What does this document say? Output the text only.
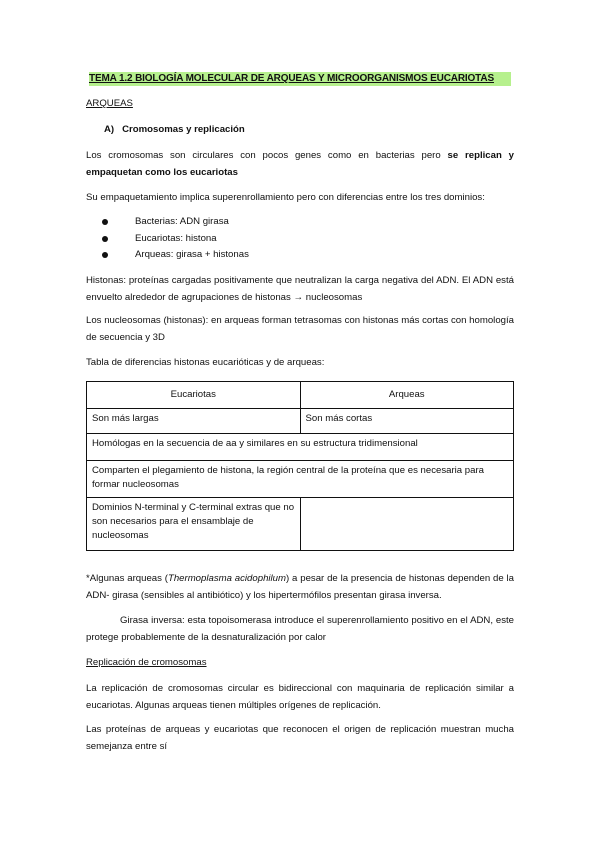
TEMA 1.2 BIOLOGÍA MOLECULAR DE ARQUEAS Y MICROORGANISMOS EUCARIOTAS
ARQUEAS
A)   Cromosomas y replicación
Los cromosomas son circulares con pocos genes como en bacterias pero se replican y empaquetan como los eucariotas
Su empaquetamiento implica superenrollamiento pero con diferencias entre los tres dominios:
Bacterias: ADN girasa
Eucariotas: histona
Arqueas: girasa + histonas
Histonas: proteínas cargadas positivamente que neutralizan la carga negativa del ADN. El ADN está envuelto alrededor de agrupaciones de histonas → nucleosomas
Los nucleosomas (histonas): en arqueas forman tetrasomas con histonas más cortas con homología de secuencia y 3D
Tabla de diferencias histonas eucarióticas y de arqueas:
Eucariotas	Arqueas
Son más largas	Son más cortas
Homólogas en la secuencia de aa y similares en su estructura tridimensional	
Comparten el plegamiento de histona, la región central de la proteína que es necesaria para formar nucleosomas	
Dominios N-terminal y C-terminal extras que no son necesarios para el ensamblaje de nucleosomas	
*Algunas arqueas (Thermoplasma acidophilum) a pesar de la presencia de histonas dependen de la ADN- girasa (sensibles al antibiótico) y los hipertermófilos presentan girasa inversa.
Girasa inversa: esta topoisomerasa introduce el superenrollamiento positivo en el ADN, este protege probablemente de la desnaturalización por calor
Replicación de cromosomas
La replicación de cromosomas circular es bidireccional con maquinaria de replicación similar a eucariotas. Algunas arqueas tienen múltiples orígenes de replicación.
Las proteínas de arqueas y eucariotas que reconocen el origen de replicación muestran mucha semejanza entre sí
